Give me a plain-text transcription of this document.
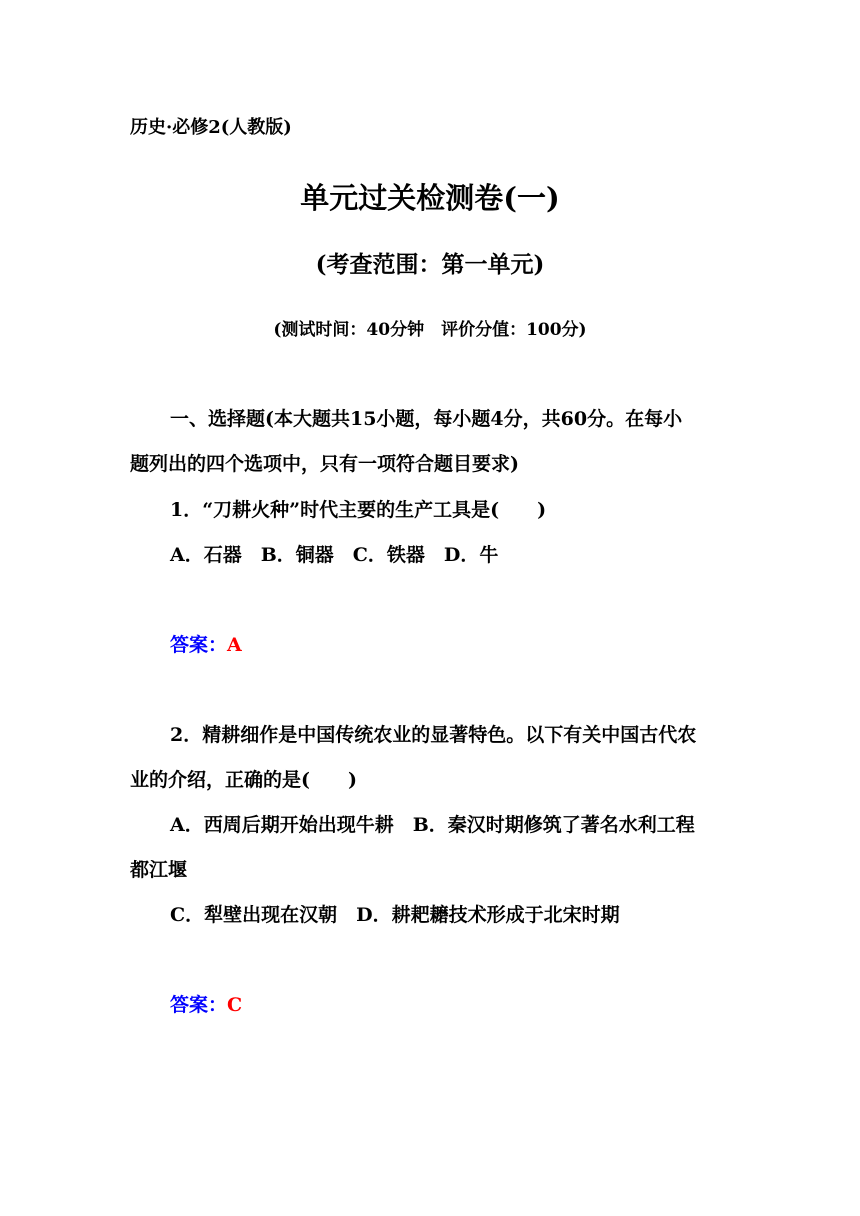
历史·必修2(人教版)
单元过关检测卷(一)
(考查范围：第一单元)
(测试时间：40分钟　评价分值：100分)
一、选择题(本大题共15小题，每小题4分，共60分。在每小
题列出的四个选项中，只有一项符合题目要求)
1．“刀耕火种”时代主要的生产工具是(　　)
A．石器　B．铜器　C．铁器　D．牛
答案：A
2．精耕细作是中国传统农业的显著特色。以下有关中国古代农
业的介绍，正确的是(　　)
A．西周后期开始出现牛耕　B．秦汉时期修筑了著名水利工程
都江堰
C．犁壁出现在汉朝　D．耕耙耱技术形成于北宋时期
答案：C
